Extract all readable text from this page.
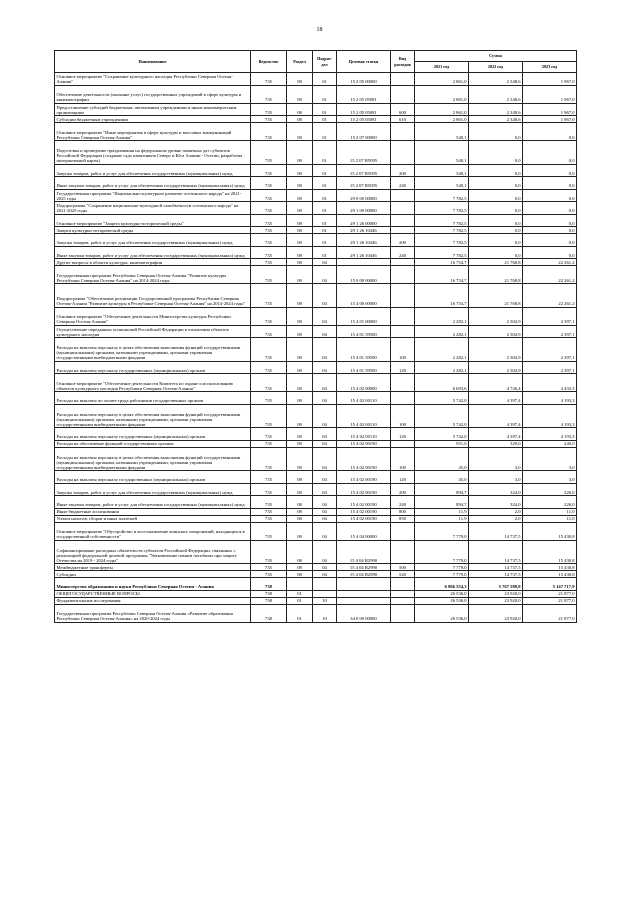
18
Наименование	Ведомство	Раздел	Подраз-дел	Целевая статья	Вид расходов	Сумма		
						2021 год	2022 год	2023 год
Основное мероприятие "Сохранение культурного наследия Республики Северная Осетия-Алания"	735	08	01	15 2 05 00000		2 861,0	2 348,6	1 967,0
Обеспечение деятельности (оказание услуг) государственных учреждений в сфере культуры и кинематографии	735	08	01	15 2 05 05081		2 861,0	2 348,6	1 967,0
Предоставление субсидий бюджетным, автономным учреждениям и иным некоммерческим организациям	735	08	01	15 2 05 05081	600	2 861,0	2 348,6	1 967,0
Субсидии бюджетным учреждениям	735	08	01	15 2 05 05081	610	2 861,0	2 348,6	1 967,0
Основное мероприятие "Иные мероприятия в сфере культуры и массовых коммуникаций Республики Северная Осетия-Алания"	735	08	01	15 2 07 00000		540,1	0,0	0,0
Подготовка и проведение празднования на федеральном уровне памятных дат субъектов Российской Федерации (создание сада памятников Северо и Юга Алании - Осетии, разработка интерактивной карты)	735	08	01	15 2 07 R5095		540,1	0,0	0,0
Закупка товаров, работ и услуг для обеспечения государственных (муниципальных) нужд	735	08	01	15 2 07 R5095	200	540,1	0,0	0,0
Иные закупки товаров, работ и услуг для обеспечения государственных (муниципальных) нужд	735	08	01	15 2 07 R5095	240	540,1	0,0	0,0
Государственная программа "Национально-культурное развитие осетинского народа" на 2021-2025 годы	735	08	01	29 0 00 00000		7 782,5	0,0	0,0
Подпрограмма "Сохранение национально-культурной самобытности осетинского народа" на 2021-2025 годы	735	08	01	29 1 00 00000		7 782,5	0,0	0,0
Основное мероприятие "Защита культурно-исторической среды"	735	08	01	29 1 26 00000		7 782,5	0,0	0,0
Защита культурно-исторической среды	735	08	01	29 1 26 10446		7 782,5	0,0	0,0
Закупка товаров, работ и услуг для обеспечения государственных (муниципальных) нужд	735	08	01	29 1 26 10446	200	7 782,5	0,0	0,0
Иные закупки товаров, работ и услуг для обеспечения государственных (муниципальных) нужд	735	08	01	29 1 26 10446	240	7 782,5	0,0	0,0
Другие вопросы в области культуры, кинематографии	735	08	04			16 754,7	21 768,8	22 261,2
Государственная программа Республики Северная Осетия-Алания "Развитие культуры Республики Северная Осетия-Алания" на 2014-2024 годы	735	08	04	15 0 00 00000		16 754,7	21 768,8	22 261,2
Подпрограмма "Обеспечение реализации Государственной программы Республики Северная Осетия-Алания "Развитие культуры в Республике Северная Осетия-Алания" на 2014-2024 годы"	735	08	04	15 4 00 00000		16 754,7	21 768,8	22 261,2
Основное мероприятие "Обеспечение деятельности Министерства культуры Республики Северная Осетия-Алания"	735	08	04	15 4 01 00000		2 282,1	2 304,9	2 397,1
Осуществление переданных полномочий Российской Федерации в отношении объектов культурного наследия	735	08	04	15 4 01 59500		2 282,1	2 304,9	2 397,1
Расходы на выплаты персоналу в целях обеспечения выполнения функций государственными (муниципальными) органами, казенными учреждениями, органами управления государственными внебюджетными фондами	735	08	04	15 4 01 59500	100	2 282,1	2 304,9	2 397,1
Расходы на выплаты персоналу государственных (муниципальных) органов	735	08	04	15 4 01 59500	120	2 282,1	2 304,9	2 397,1
Основное мероприятие "Обеспечение деятельности Комитета по охране и использованию объектов культурного наследия Республики Северная Осетия-Алания"	735	08	04	15 4 02 00000		6 693,6	4 726,4	4 433,3
Расходы на выплаты по оплате труда работников государственных органов	735	08	04	15 4 02 00110		5 742,0	4 397,4	4 193,3
Расходы на выплаты персоналу в целях обеспечения выполнения функций государственными (муниципальными) органами, казенными учреждениями, органами управления государственными внебюджетными фондами	735	08	04	15 4 02 00110	100	5 742,0	4 397,4	4 193,3
Расходы на выплаты персоналу государственных (муниципальных) органов	735	08	04	15 4 02 00110	120	5 742,0	4 397,4	4 193,3
Расходы на обеспечение функций государственных органов	735	08	04	15 4 02 00190		951,6	329,0	240,0
Расходы на выплаты персоналу в целях обеспечения выполнения функций государственными (муниципальными) органами, казенными учреждениями, органами управления государственными внебюджетными фондами	735	08	04	15 4 02 00190	100	45,0	3,0	3,0
Расходы на выплаты персоналу государственных (муниципальных) органов	735	08	04	15 4 02 00190	120	45,0	3,0	3,0
Закупка товаров, работ и услуг для обеспечения государственных (муниципальных) нужд	735	08	04	15 4 02 00190	200	894,7	324,0	226,0
Иные закупки товаров, работ и услуг для обеспечения государственных (муниципальных) нужд	735	08	04	15 4 02 00190	240	894,7	324,0	226,0
Иные бюджетные ассигнования	735	08	04	15 4 02 00190	800	11,9	2,0	11,0
Уплата налогов, сборов и иных платежей	735	08	04	15 4 02 00190	850	11,9	2,0	11,0
Основное мероприятие "Обустройство и восстановление воинских захоронений, находящихся в государственной собственности"	735	08	04	15 4 04 00000		7 779,0	14 737,5	15 430,8
Софинансирование расходных обязательств субъектов Российской Федерации, связанных с реализацией федеральной целевой программы "Увековечение памяти погибших при защите Отечества на 2019 - 2024 годы"	735	08	04	15 4 04 R2990		7 779,0	14 737,5	15 430,8
Межбюджетные трансферты	735	08	04	15 4 04 R2990	500	7 779,0	14 737,5	15 430,8
Субсидии	735	08	04	15 4 04 R2990	520	7 779,0	14 737,5	15 430,8
Министерство образования и науки Республики Северная Осетия - Алания	738					6 866 554,3	5 767 589,8	5 147 717,9
ОБЩЕГОСУДАРСТВЕННЫЕ ВОПРОСЫ	738	01				26 536,0	23 920,0	21 877,0
Фундаментальные исследования	738	01	10			26 536,0	23 920,0	21 877,0
Государственная программа Республики Северная Осетия-Алания «Развитие образования Республики Северная Осетия-Алания» на 2020-2024 годы	738	01	10	34 0 00 00000		26 536,0	23 920,0	21 877,0
